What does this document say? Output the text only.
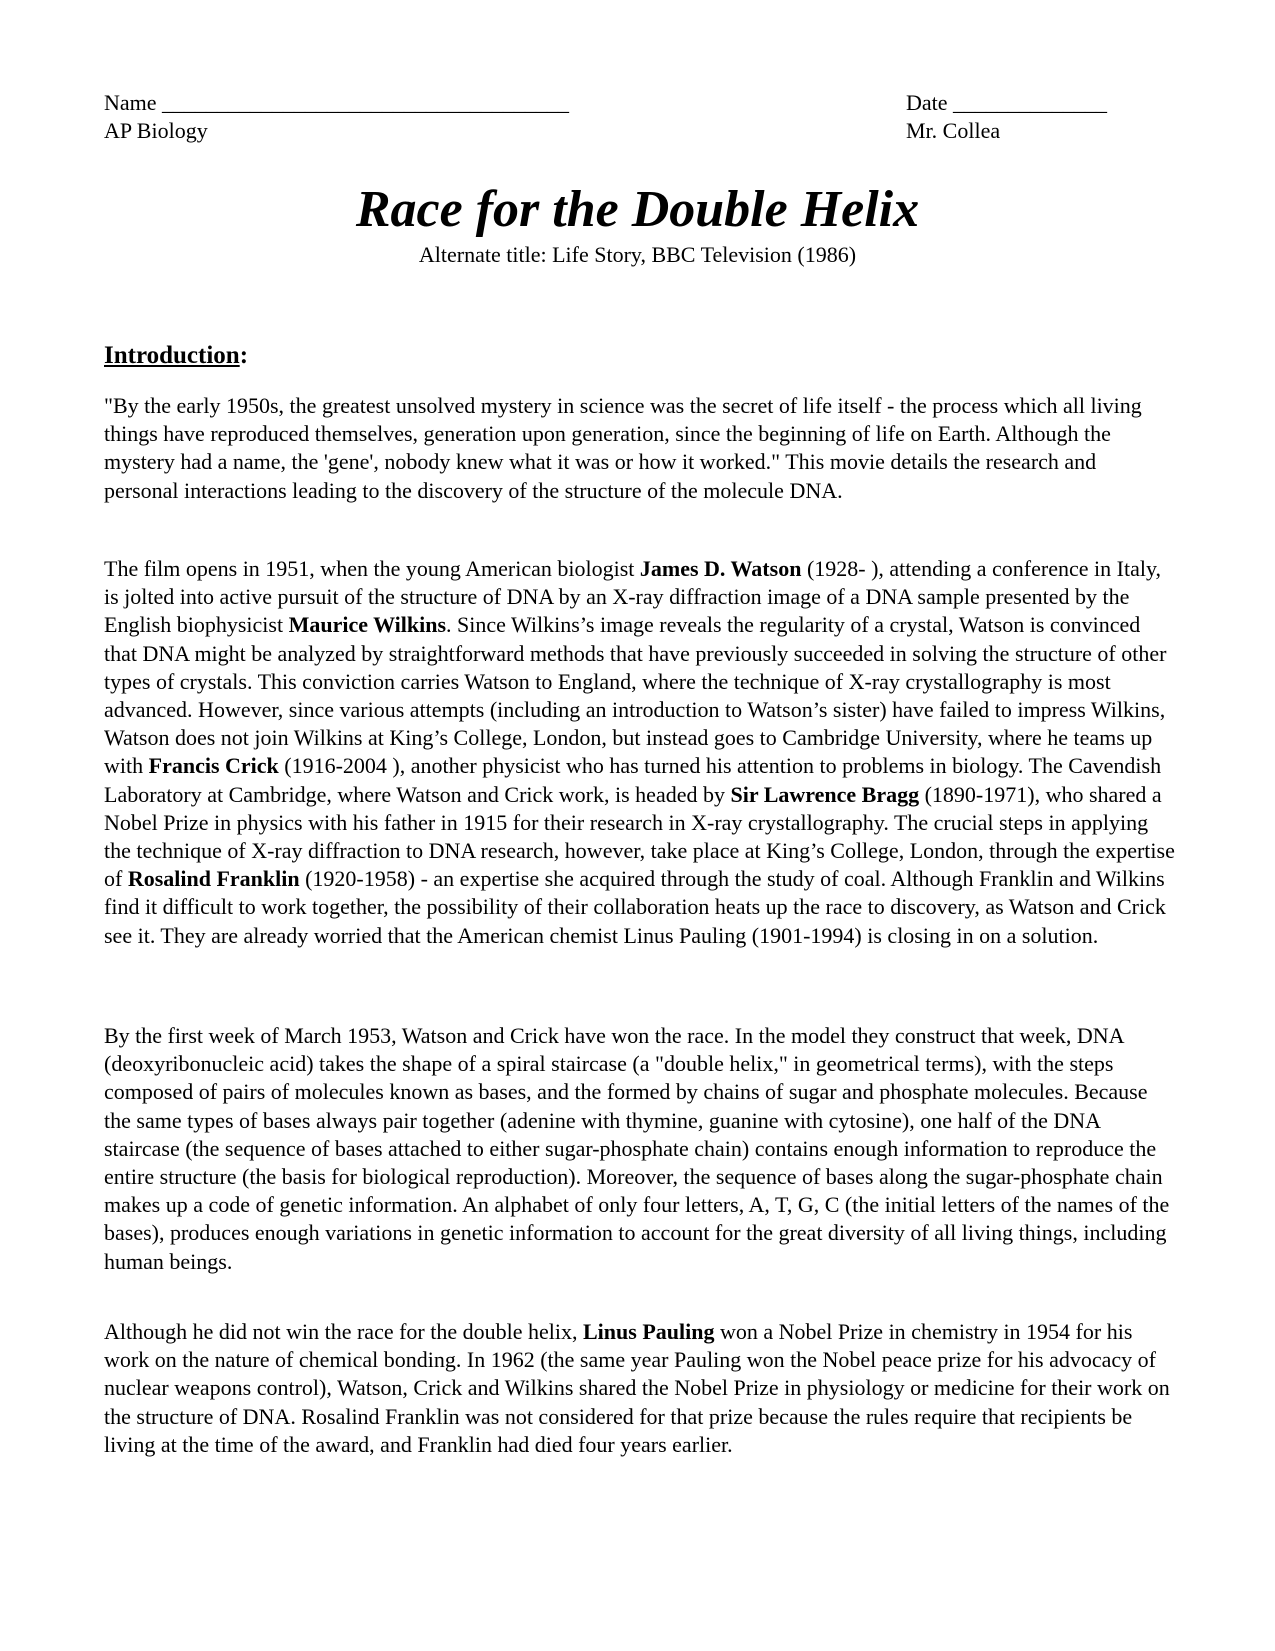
Name _____________________________________	Date ______________
AP Biology	Mr. Collea
Race for the Double Helix
Alternate title: Life Story, BBC Television (1986)
Introduction:

"By the early 1950s, the greatest unsolved mystery in science was the secret of life itself - the process which all living things have reproduced themselves, generation upon generation, since the beginning of life on Earth. Although the mystery had a name, the 'gene', nobody knew what it was or how it worked." This movie details the research and personal interactions leading to the discovery of the structure of the molecule DNA.

The film opens in 1951, when the young American biologist James D. Watson (1928- ), attending a conference in Italy, is jolted into active pursuit of the structure of DNA by an X-ray diffraction image of a DNA sample presented by the English biophysicist Maurice Wilkins. Since Wilkins’s image reveals the regularity of a crystal, Watson is convinced that DNA might be analyzed by straightforward methods that have previously succeeded in solving the structure of other types of crystals. This conviction carries Watson to England, where the technique of X-ray crystallography is most advanced. However, since various attempts (including an introduction to Watson’s sister) have failed to impress Wilkins, Watson does not join Wilkins at King’s College, London, but instead goes to Cambridge University, where he teams up with Francis Crick (1916-2004 ), another physicist who has turned his attention to problems in biology. The Cavendish Laboratory at Cambridge, where Watson and Crick work, is headed by Sir Lawrence Bragg (1890-1971), who shared a Nobel Prize in physics with his father in 1915 for their research in X-ray crystallography. The crucial steps in applying the technique of X-ray diffraction to DNA research, however, take place at King’s College, London, through the expertise of Rosalind Franklin (1920-1958) - an expertise she acquired through the study of coal. Although Franklin and Wilkins find it difficult to work together, the possibility of their collaboration heats up the race to discovery, as Watson and Crick see it. They are already worried that the American chemist Linus Pauling (1901-1994) is closing in on a solution.

By the first week of March 1953, Watson and Crick have won the race. In the model they construct that week, DNA (deoxyribonucleic acid) takes the shape of a spiral staircase (a "double helix," in geometrical terms), with the steps composed of pairs of molecules known as bases, and the formed by chains of sugar and phosphate molecules. Because the same types of bases always pair together (adenine with thymine, guanine with cytosine), one half of the DNA staircase (the sequence of bases attached to either sugar-phosphate chain) contains enough information to reproduce the entire structure (the basis for biological reproduction). Moreover, the sequence of bases along the sugar-phosphate chain makes up a code of genetic information. An alphabet of only four letters, A, T, G, C (the initial letters of the names of the bases), produces enough variations in genetic information to account for the great diversity of all living things, including human beings.

Although he did not win the race for the double helix, Linus Pauling won a Nobel Prize in chemistry in 1954 for his work on the nature of chemical bonding. In 1962 (the same year Pauling won the Nobel peace prize for his advocacy of nuclear weapons control), Watson, Crick and Wilkins shared the Nobel Prize in physiology or medicine for their work on the structure of DNA. Rosalind Franklin was not considered for that prize because the rules require that recipients be living at the time of the award, and Franklin had died four years earlier.
